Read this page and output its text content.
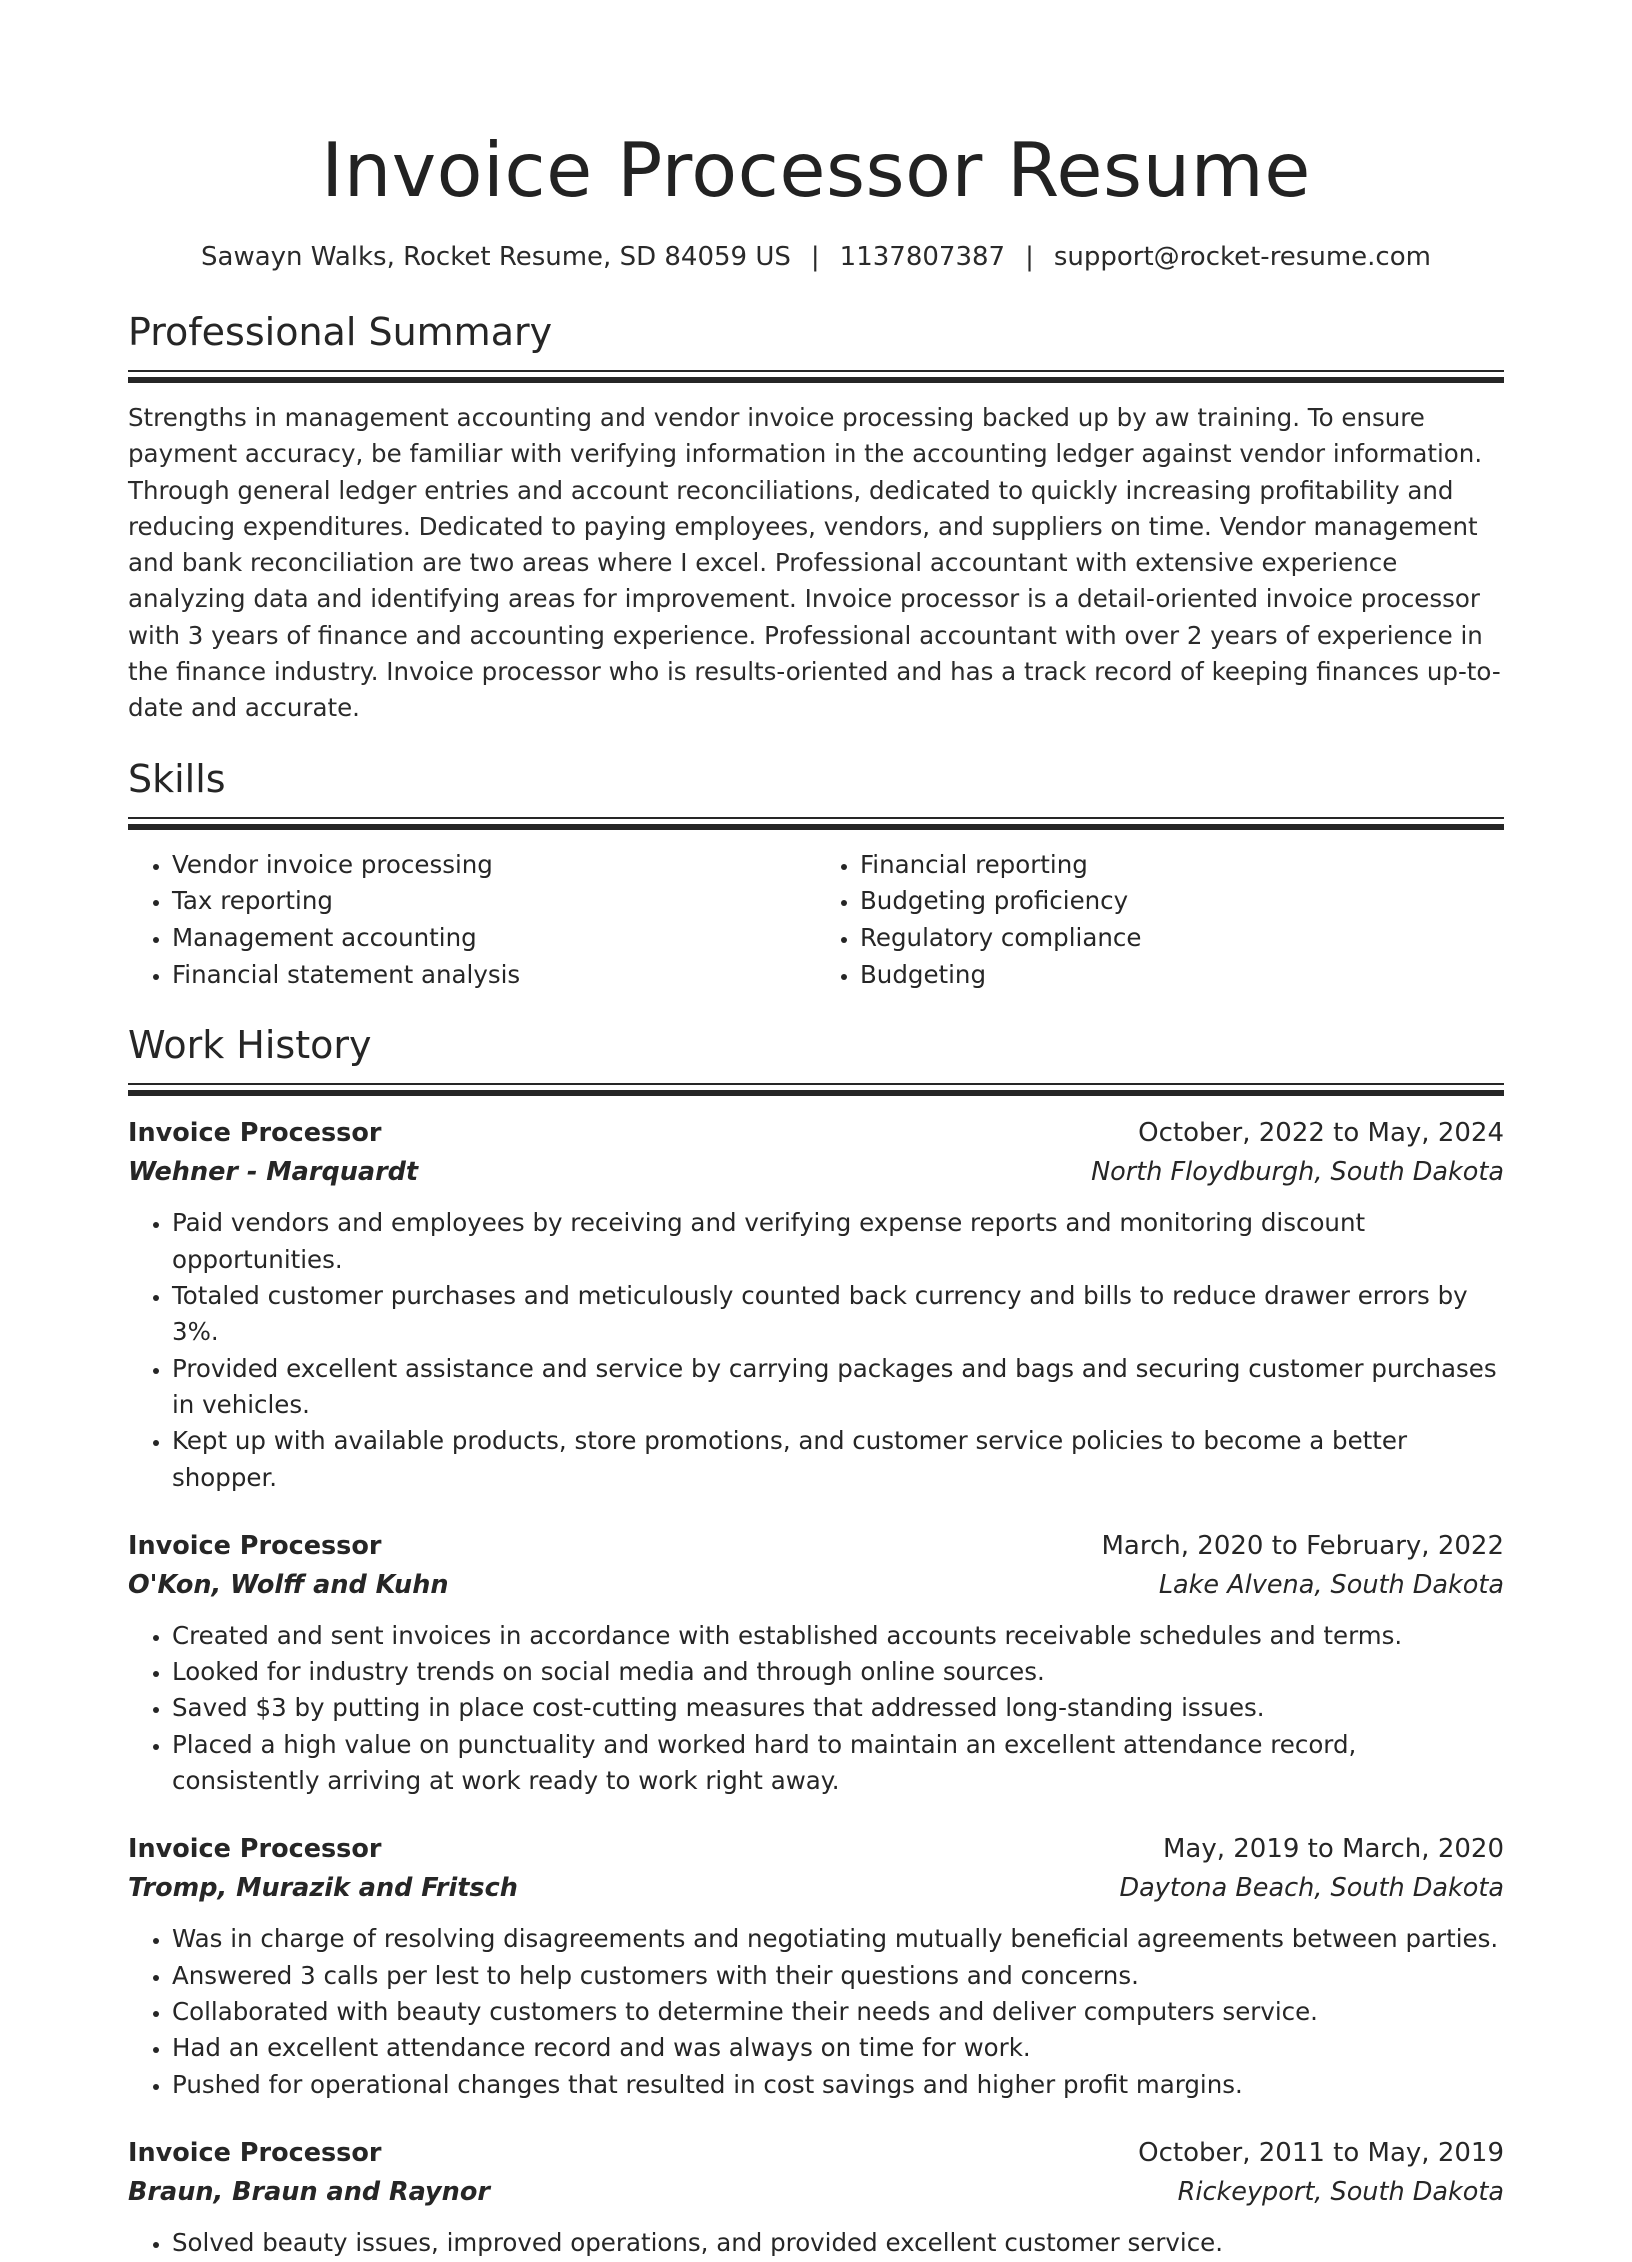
Invoice Processor Resume
Sawayn Walks, Rocket Resume, SD 84059 US | 1137807387 | support@rocket-resume.com
Professional Summary
Strengths in management accounting and vendor invoice processing backed up by aw training. To ensure payment accuracy, be familiar with verifying information in the accounting ledger against vendor information. Through general ledger entries and account reconciliations, dedicated to quickly increasing profitability and reducing expenditures. Dedicated to paying employees, vendors, and suppliers on time. Vendor management and bank reconciliation are two areas where I excel. Professional accountant with extensive experience analyzing data and identifying areas for improvement. Invoice processor is a detail-oriented invoice processor with 3 years of finance and accounting experience. Professional accountant with over 2 years of experience in the finance industry. Invoice processor who is results-oriented and has a track record of keeping finances up-to-date and accurate.
Skills
• Vendor invoice processing
• Tax reporting
• Management accounting
• Financial statement analysis
• Financial reporting
• Budgeting proficiency
• Regulatory compliance
• Budgeting
Work History
Invoice Processor	October, 2022 to May, 2024
Wehner - Marquardt	North Floydburgh, South Dakota
• Paid vendors and employees by receiving and verifying expense reports and monitoring discount opportunities.
• Totaled customer purchases and meticulously counted back currency and bills to reduce drawer errors by 3%.
• Provided excellent assistance and service by carrying packages and bags and securing customer purchases in vehicles.
• Kept up with available products, store promotions, and customer service policies to become a better shopper.
Invoice Processor	March, 2020 to February, 2022
O'Kon, Wolff and Kuhn	Lake Alvena, South Dakota
• Created and sent invoices in accordance with established accounts receivable schedules and terms.
• Looked for industry trends on social media and through online sources.
• Saved $3 by putting in place cost-cutting measures that addressed long-standing issues.
• Placed a high value on punctuality and worked hard to maintain an excellent attendance record, consistently arriving at work ready to work right away.
Invoice Processor	May, 2019 to March, 2020
Tromp, Murazik and Fritsch	Daytona Beach, South Dakota
• Was in charge of resolving disagreements and negotiating mutually beneficial agreements between parties.
• Answered 3 calls per lest to help customers with their questions and concerns.
• Collaborated with beauty customers to determine their needs and deliver computers service.
• Had an excellent attendance record and was always on time for work.
• Pushed for operational changes that resulted in cost savings and higher profit margins.
Invoice Processor	October, 2011 to May, 2019
Braun, Braun and Raynor	Rickeyport, South Dakota
• Solved beauty issues, improved operations, and provided excellent customer service.
